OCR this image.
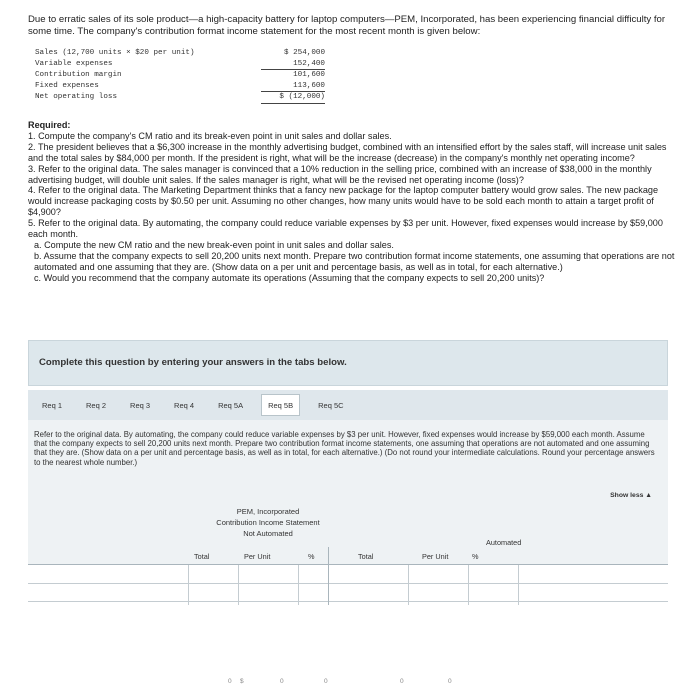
Due to erratic sales of its sole product—a high-capacity battery for laptop computers—PEM, Incorporated, has been experiencing financial difficulty for some time. The company's contribution format income statement for the most recent month is given below:
Sales (12,700 units × $20 per unit)	$ 254,000
Variable expenses	152,400
Contribution margin	101,600
Fixed expenses	113,600
Net operating loss	$ (12,000)

Required:

1. Compute the company's CM ratio and its break-even point in unit sales and dollar sales.

2. The president believes that a $6,300 increase in the monthly advertising budget, combined with an intensified effort by the sales staff, will increase unit sales and the total sales by $84,000 per month. If the president is right, what will be the increase (decrease) in the company's monthly net operating income?

3. Refer to the original data. The sales manager is convinced that a 10% reduction in the selling price, combined with an increase of $38,000 in the monthly advertising budget, will double unit sales. If the sales manager is right, what will be the revised net operating income (loss)?

4. Refer to the original data. The Marketing Department thinks that a fancy new package for the laptop computer battery would grow sales. The new package would increase packaging costs by $0.50 per unit. Assuming no other changes, how many units would have to be sold each month to attain a target profit of $4,900?

5. Refer to the original data. By automating, the company could reduce variable expenses by $3 per unit. However, fixed expenses would increase by $59,000 each month.

a. Compute the new CM ratio and the new break-even point in unit sales and dollar sales.

b. Assume that the company expects to sell 20,200 units next month. Prepare two contribution format income statements, one assuming that operations are not automated and one assuming that they are. (Show data on a per unit and percentage basis, as well as in total, for each alternative.)

c. Would you recommend that the company automate its operations (Assuming that the company expects to sell 20,200 units)?

Complete this question by entering your answers in the tabs below.
Req 1	Req 2	Req 3	Req 4	Req 5A	Req 5B	Req 5C
Refer to the original data. By automating, the company could reduce variable expenses by $3 per unit. However, fixed expenses would increase by $59,000 each month. Assume that the company expects to sell 20,200 units next month. Prepare two contribution format income statements, one assuming that operations are not automated and one assuming that they are. (Show data on a per unit and percentage basis, as well as in total, for each alternative.) (Do not round your intermediate calculations. Round your percentage answers to the nearest whole number.)
Show less ▲
PEM, Incorporated
Contribution Income Statement
Not Automated
Automated
Total	Per Unit	%	Total	Per Unit	%
0 $	0	0	0	0
